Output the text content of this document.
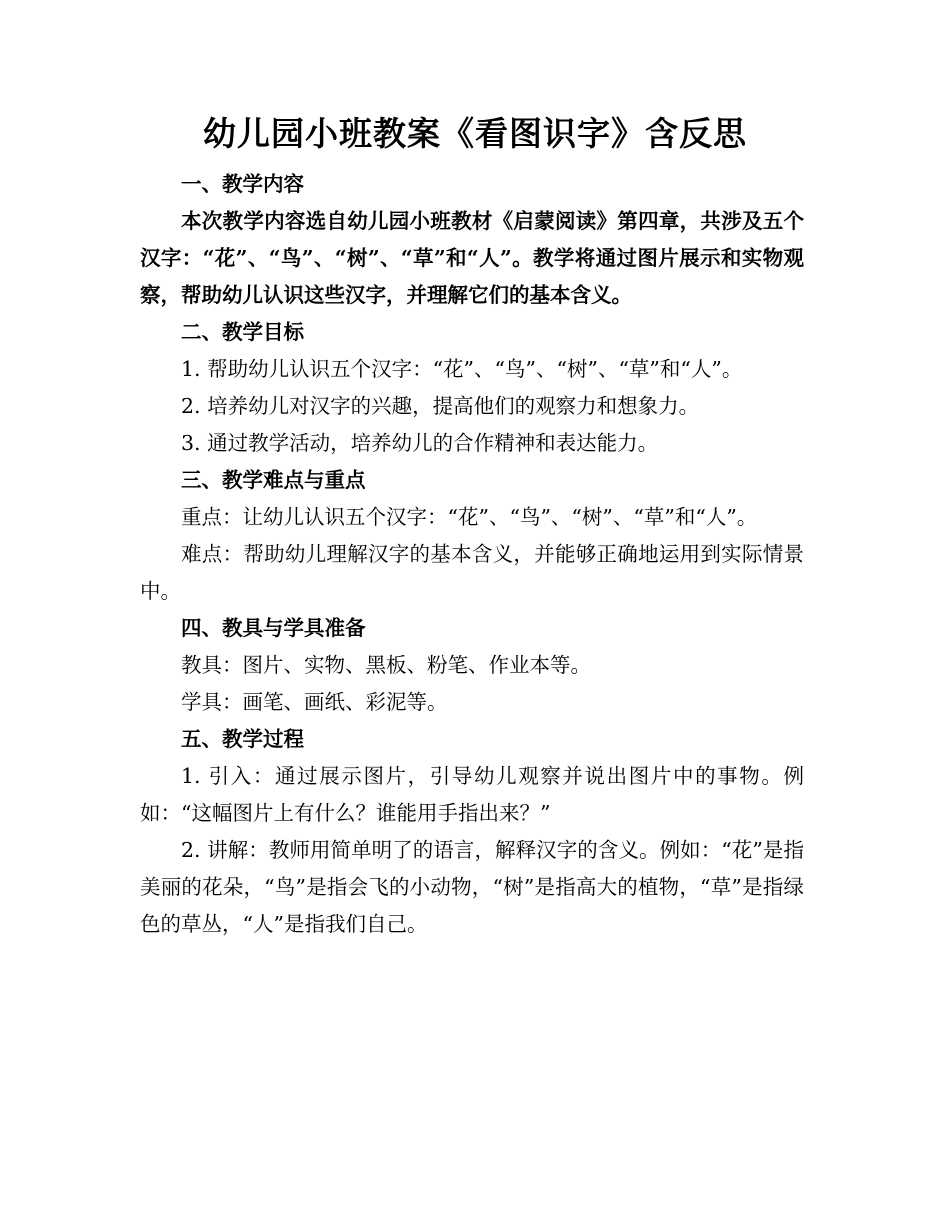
幼儿园小班教案《看图识字》含反思

一、教学内容

本次教学内容选自幼儿园小班教材《启蒙阅读》第四章，共涉及五个汉字：“花”、“鸟”、“树”、“草”和“人”。教学将通过图片展示和实物观察，帮助幼儿认识这些汉字，并理解它们的基本含义。

二、教学目标

1. 帮助幼儿认识五个汉字：“花”、“鸟”、“树”、“草”和“人”。

2. 培养幼儿对汉字的兴趣，提高他们的观察力和想象力。

3. 通过教学活动，培养幼儿的合作精神和表达能力。

三、教学难点与重点

重点：让幼儿认识五个汉字：“花”、“鸟”、“树”、“草”和“人”。

难点：帮助幼儿理解汉字的基本含义，并能够正确地运用到实际情景中。

四、教具与学具准备

教具：图片、实物、黑板、粉笔、作业本等。

学具：画笔、画纸、彩泥等。

五、教学过程

1. 引入：通过展示图片，引导幼儿观察并说出图片中的事物。例如：“这幅图片上有什么？谁能用手指出来？”

2. 讲解：教师用简单明了的语言，解释汉字的含义。例如：“花”是指美丽的花朵，“鸟”是指会飞的小动物，“树”是指高大的植物，“草”是指绿色的草丛，“人”是指我们自己。
